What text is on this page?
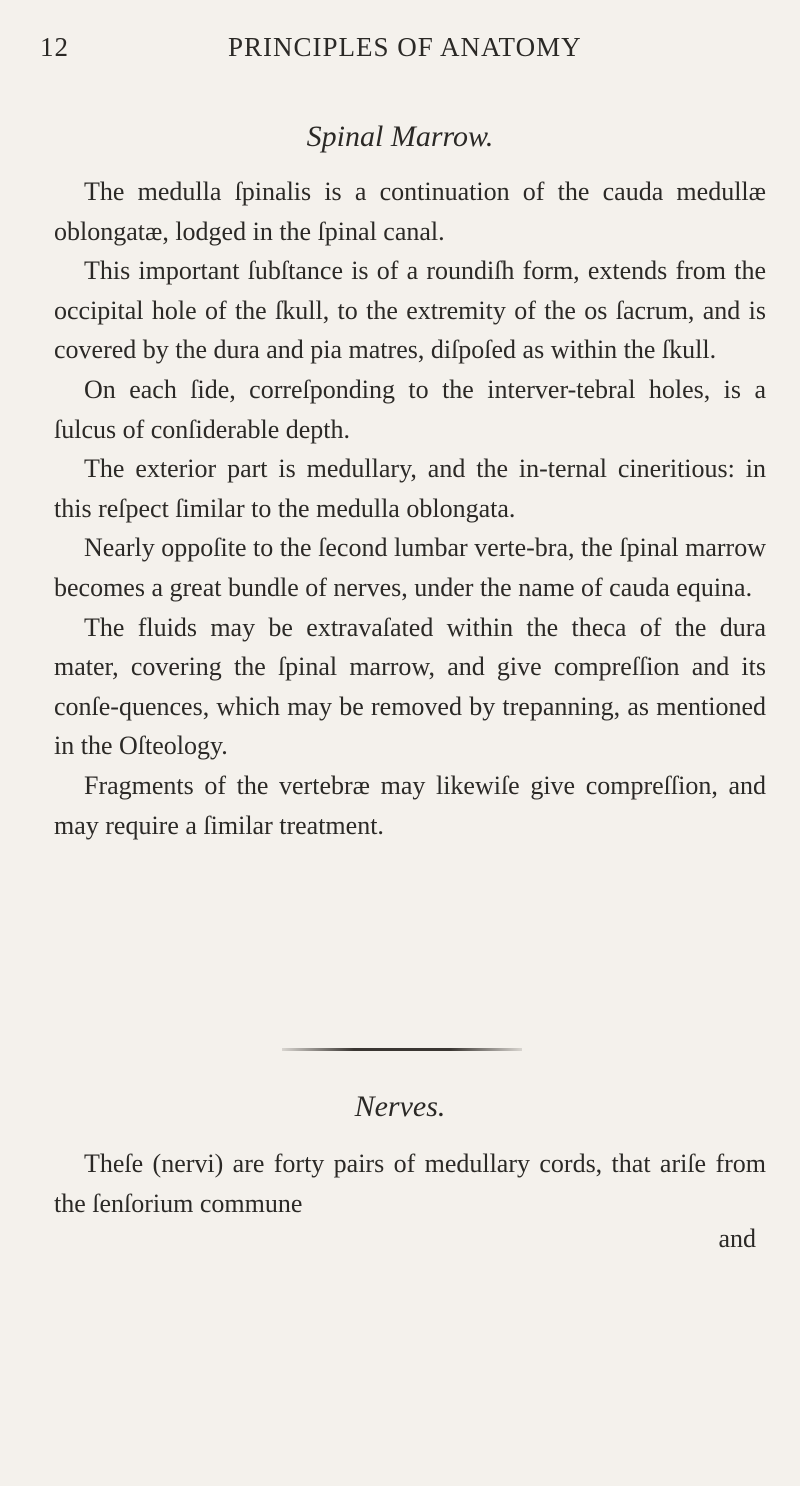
12	PRINCIPLES OF ANATOMY
Spinal Marrow.

The medulla ſpinalis is a continuation of the cauda medullæ oblongatæ, lodged in the ſpinal canal.

This important ſubſtance is of a roundiſh form, extends from the occipital hole of the ſkull, to the extremity of the os ſacrum, and is covered by the dura and pia matres, diſpoſed as within the ſkull.

On each ſide, correſponding to the interver-tebral holes, is a ſulcus of conſiderable depth.

The exterior part is medullary, and the in-ternal cineritious: in this reſpect ſimilar to the medulla oblongata.

Nearly oppoſite to the ſecond lumbar verte-bra, the ſpinal marrow becomes a great bundle of nerves, under the name of cauda equina.

The fluids may be extravaſated within the theca of the dura mater, covering the ſpinal marrow, and give compreſſion and its conſe-quences, which may be removed by trepanning, as mentioned in the Oſteology.

Fragments of the vertebræ may likewiſe give compreſſion, and may require a ſimilar treatment.

Nerves.

Theſe (nervi) are forty pairs of medullary cords, that ariſe from the ſenſorium commune

and
